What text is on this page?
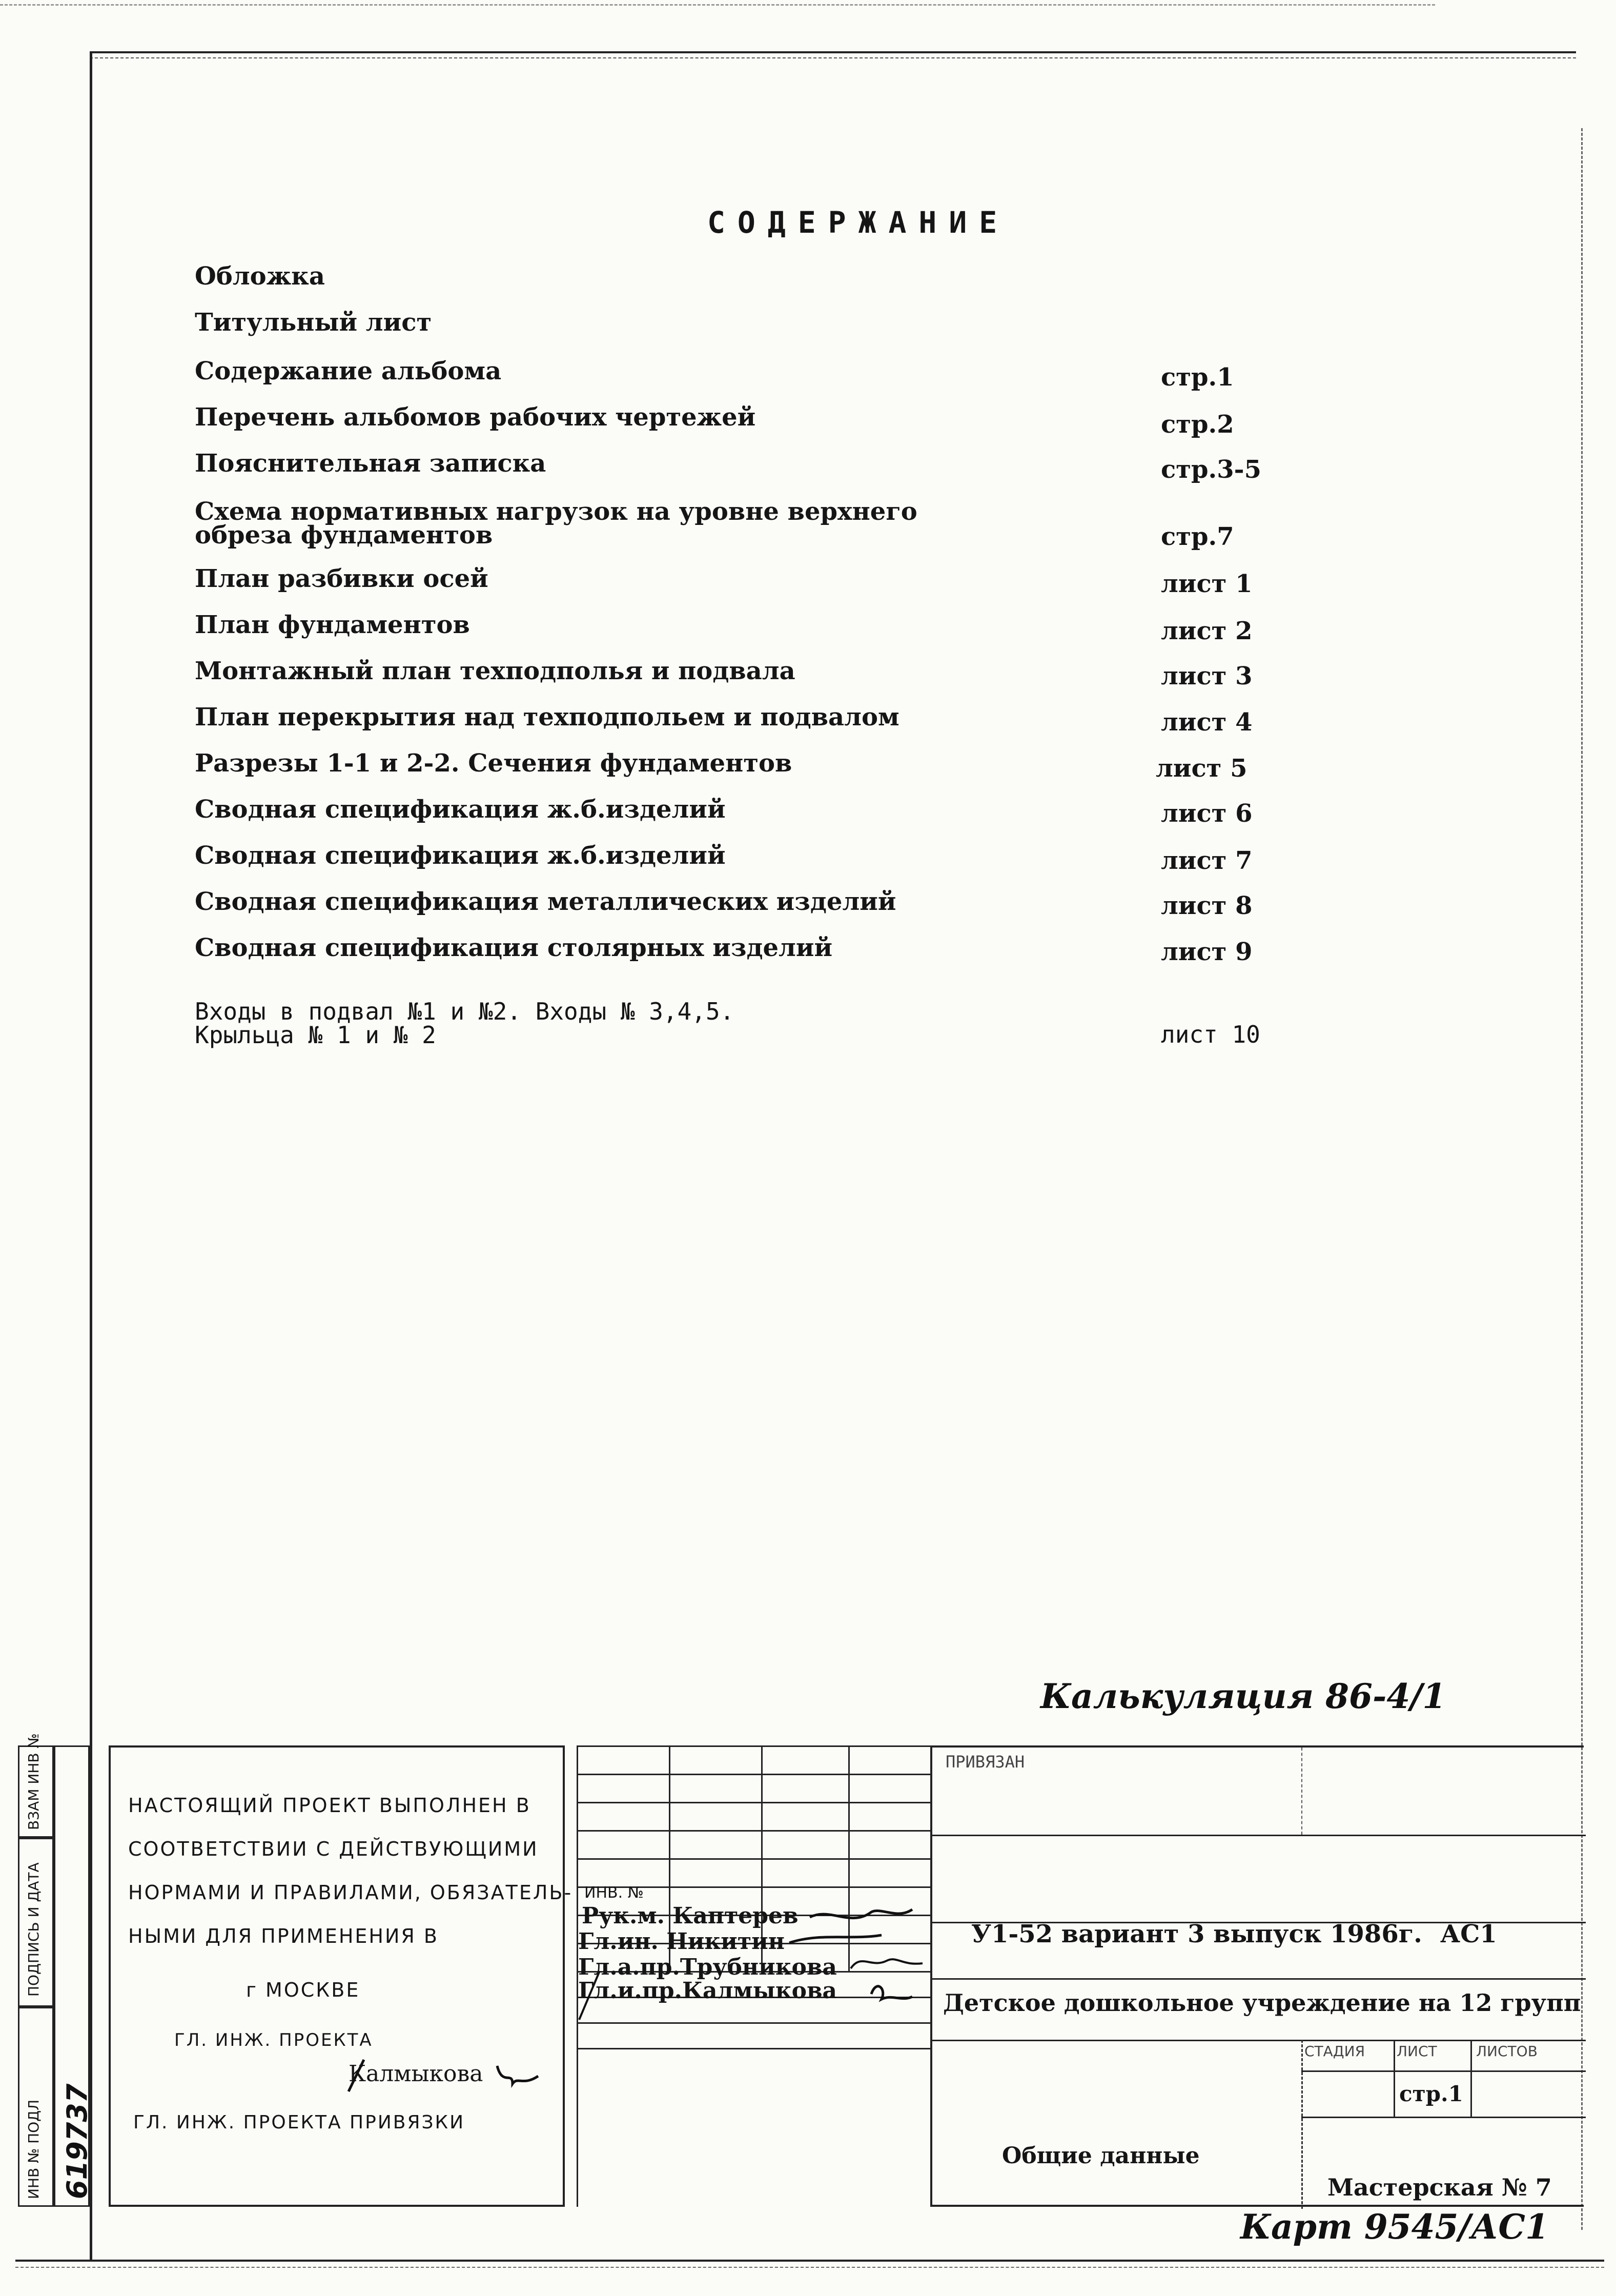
СОДЕРЖАНИЕ
Обложка
Титульный лист
Содержание альбома	стр.1
Перечень альбомов рабочих чертежей	стр.2
Пояснительная записка	стр.3-5
Схема нормативных нагрузок на уровне верхнего
обреза фундаментов	стр.7
План разбивки осей	лист 1
План фундаментов	лист 2
Монтажный план техподполья и подвала	лист 3
План перекрытия над техподпольем и подвалом	лист 4
Разрезы 1-1 и 2-2. Сечения фундаментов	лист 5
Сводная спецификация ж.б.изделий	лист 6
Сводная спецификация ж.б.изделий	лист 7
Сводная спецификация металлических изделий	лист 8
Сводная спецификация столярных изделий	лист 9
Входы в подвал №1 и №2. Входы № 3,4,5.
Крыльца № 1 и № 2	лист 10
Калькуляция 86-4/1
ВЗАМ ИНВ №
ПОДПИСЬ И ДАТА
ИНВ № ПОДЛ 619737
НАСТОЯЩИЙ ПРОЕКТ ВЫПОЛНЕН В
СООТВЕТСТВИИ С ДЕЙСТВУЮЩИМИ
НОРМАМИ И ПРАВИЛАМИ, ОБЯЗАТЕЛЬ-
НЫМИ ДЛЯ ПРИМЕНЕНИЯ В
г МОСКВЕ
ГЛ. ИНЖ. ПРОЕКТА
Калмыкова
ГЛ. ИНЖ. ПРОЕКТА ПРИВЯЗКИ
ИНВ. №
Рук.м. Каптерев
Гл.ин. Никитин
Гл.а.пр.Трубникова
Гл.и.пр.Калмыкова
ПРИВЯЗАН
У1-52 вариант 3 выпуск 1986г. АС1
Детское дошкольное учреждение на 12 групп
СТАДИЯ ЛИСТ	ЛИСТОВ
стр.1
Общие данные
Мастерская № 7
Карт 9545/АС1
